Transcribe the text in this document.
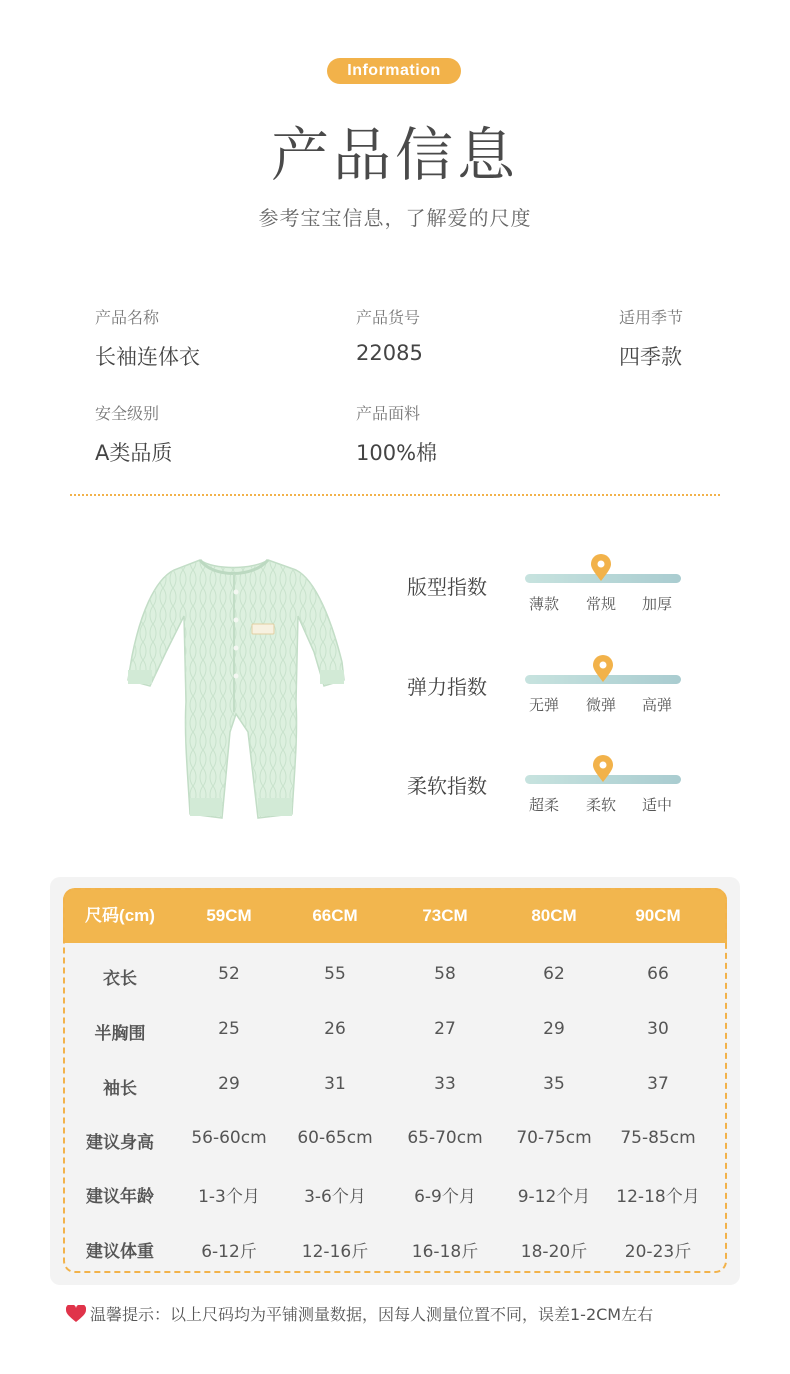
Information
产品信息
参考宝宝信息，了解爱的尺度
产品名称
长袖连体衣
产品货号
22085
适用季节
四季款
安全级别
A类品质
产品面料
100%棉
版型指数
薄款 常规 加厚
弹力指数
无弹 微弹 高弹
柔软指数
超柔 柔软 适中
尺码(cm)	59CM	66CM	73CM	80CM	90CM
衣长	52	55	58	62	66
半胸围	25	26	27	29	30
袖长	29	31	33	35	37
建议身高	56-60cm	60-65cm	65-70cm	70-75cm	75-85cm
建议年龄	1-3个月	3-6个月	6-9个月	9-12个月	12-18个月
建议体重	6-12斤	12-16斤	16-18斤	18-20斤	20-23斤
温馨提示：以上尺码均为平铺测量数据，因每人测量位置不同，误差1-2CM左右
